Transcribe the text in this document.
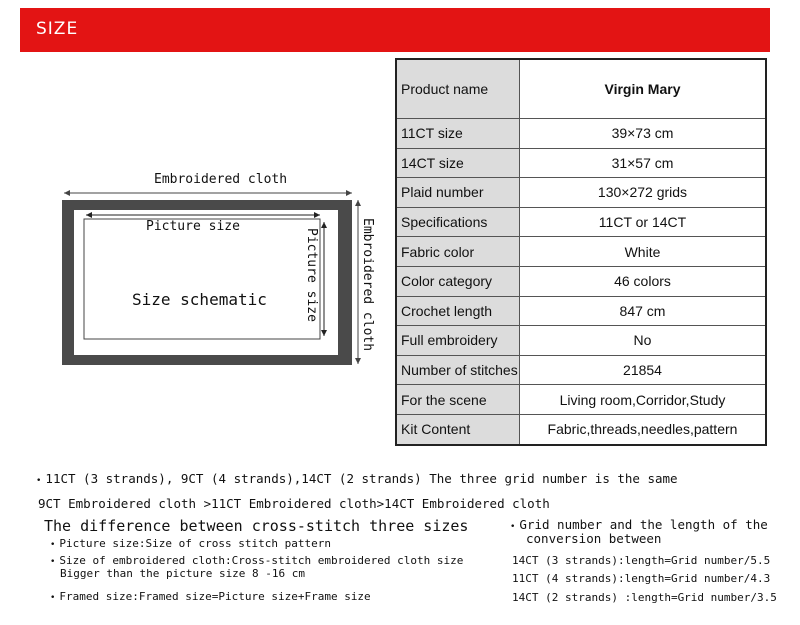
SIZE
Embroidered cloth
Picture size
Picture size	Embroidered cloth
Size schematic
Product name	Virgin Mary
11CT size	39×73 cm
14CT size	31×57 cm
Plaid number	130×272 grids
Specifications	11CT or 14CT
Fabric color	White
Color category	46 colors
Crochet length	847 cm
Full embroidery	No
Number of stitches	21854
For the scene	Living room,Corridor,Study
Kit Content	Fabric,threads,needles,pattern
• 11CT (3 strands), 9CT (4 strands),14CT (2 strands) The three grid number is the same
9CT Embroidered cloth >11CT Embroidered cloth>14CT Embroidered cloth
The difference between cross-stitch three sizes
• Picture size:Size of cross stitch pattern
• Size of embroidered cloth:Cross-stitch embroidered cloth size
Bigger than the picture size 8 -16 cm
• Framed size:Framed size=Picture size+Frame size
• Grid number and the length of the
conversion between
14CT (3 strands):length=Grid number/5.5
11CT (4 strands):length=Grid number/4.3
14CT (2 strands) :length=Grid number/3.5
